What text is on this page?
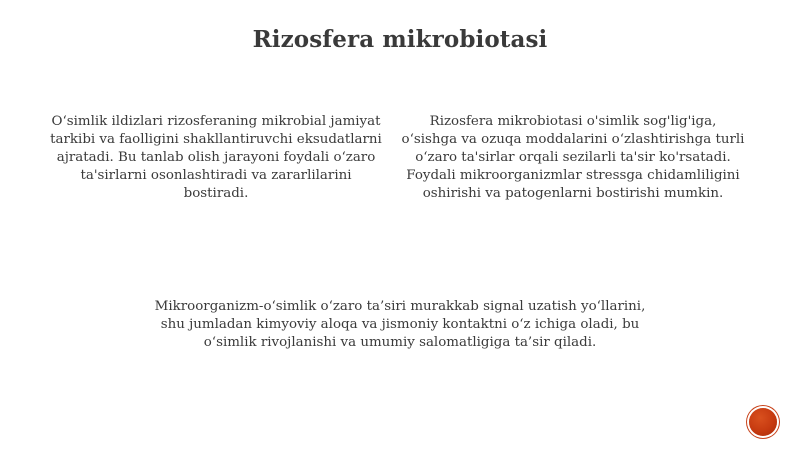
Rizosfera mikrobiotasi

O‘simlik ildizlari rizosferaning mikrobial jamiyat tarkibi va faolligini shakllantiruvchi eksudatlarni ajratadi. Bu tanlab olish jarayoni foydali o‘zaro ta'sirlarni osonlashtiradi va zararlilarini bostiradi.

Rizosfera mikrobiotasi o'simlik sog'lig'iga, o‘sishga va ozuqa moddalarini o‘zlashtirishga turli o‘zaro ta'sirlar orqali sezilarli ta'sir ko'rsatadi. Foydali mikroorganizmlar stressga chidamliligini oshirishi va patogenlarni bostirishi mumkin.

Mikroorganizm-o‘simlik o‘zaro ta’siri murakkab signal uzatish yo‘llarini, shu jumladan kimyoviy aloqa va jismoniy kontaktni o‘z ichiga oladi, bu o‘simlik rivojlanishi va umumiy salomatligiga ta’sir qiladi.
